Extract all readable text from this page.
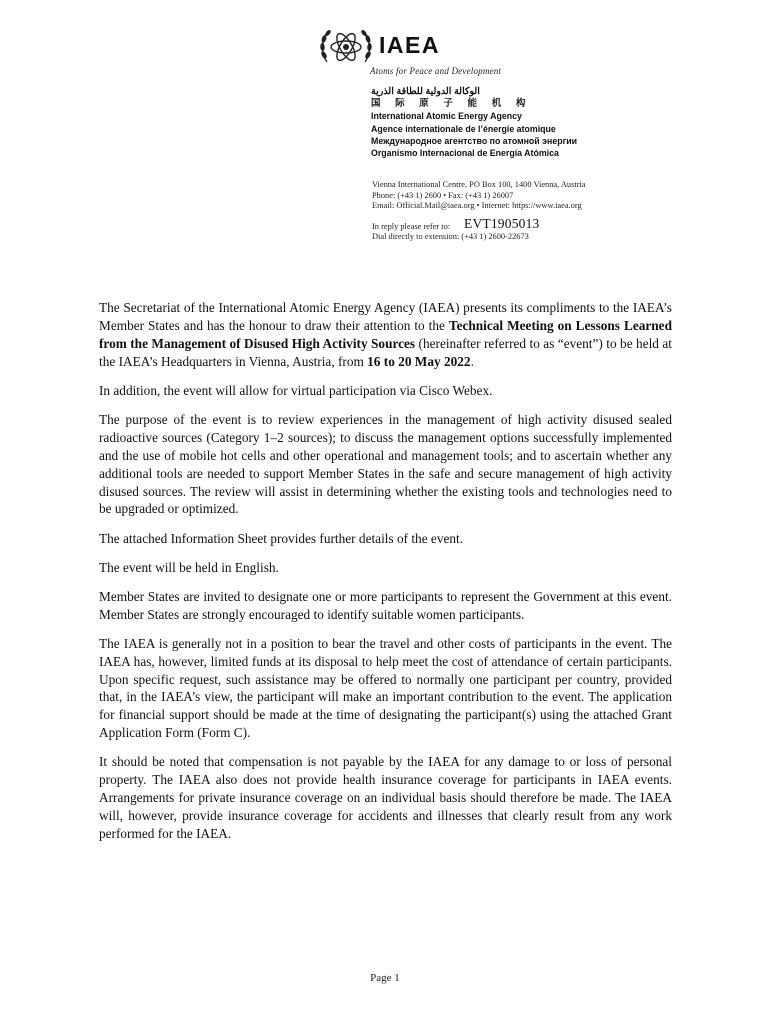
IAEA
Atoms for Peace and Development
الوكالة الدولية للطاقة الذرية
国 际 原 子 能 机 构
International Atomic Energy Agency
Agence internationale de l’énergie atomique
Международное агентство по атомной энергии
Organismo Internacional de Energía Atómica
Vienna International Centre, PO Box 100, 1400 Vienna, Austria
Phone: (+43 1) 2600 • Fax: (+43 1) 26007
Email: Official.Mail@iaea.org • Internet: https://www.iaea.org
In reply please refer to: EVT1905013
Dial directly to extension: (+43 1) 2600-22673

The Secretariat of the International Atomic Energy Agency (IAEA) presents its compliments to the IAEA’s Member States and has the honour to draw their attention to the Technical Meeting on Lessons Learned from the Management of Disused High Activity Sources (hereinafter referred to as “event”) to be held at the IAEA’s Headquarters in Vienna, Austria, from 16 to 20 May 2022.

In addition, the event will allow for virtual participation via Cisco Webex.

The purpose of the event is to review experiences in the management of high activity disused sealed radioactive sources (Category 1–2 sources); to discuss the management options successfully implemented and the use of mobile hot cells and other operational and management tools; and to ascertain whether any additional tools are needed to support Member States in the safe and secure management of high activity disused sources. The review will assist in determining whether the existing tools and technologies need to be upgraded or optimized.

The attached Information Sheet provides further details of the event.

The event will be held in English.

Member States are invited to designate one or more participants to represent the Government at this event. Member States are strongly encouraged to identify suitable women participants.

The IAEA is generally not in a position to bear the travel and other costs of participants in the event. The IAEA has, however, limited funds at its disposal to help meet the cost of attendance of certain participants. Upon specific request, such assistance may be offered to normally one participant per country, provided that, in the IAEA’s view, the participant will make an important contribution to the event. The application for financial support should be made at the time of designating the participant(s) using the attached Grant Application Form (Form C).

It should be noted that compensation is not payable by the IAEA for any damage to or loss of personal property. The IAEA also does not provide health insurance coverage for participants in IAEA events. Arrangements for private insurance coverage on an individual basis should therefore be made. The IAEA will, however, provide insurance coverage for accidents and illnesses that clearly result from any work performed for the IAEA.

Page 1
